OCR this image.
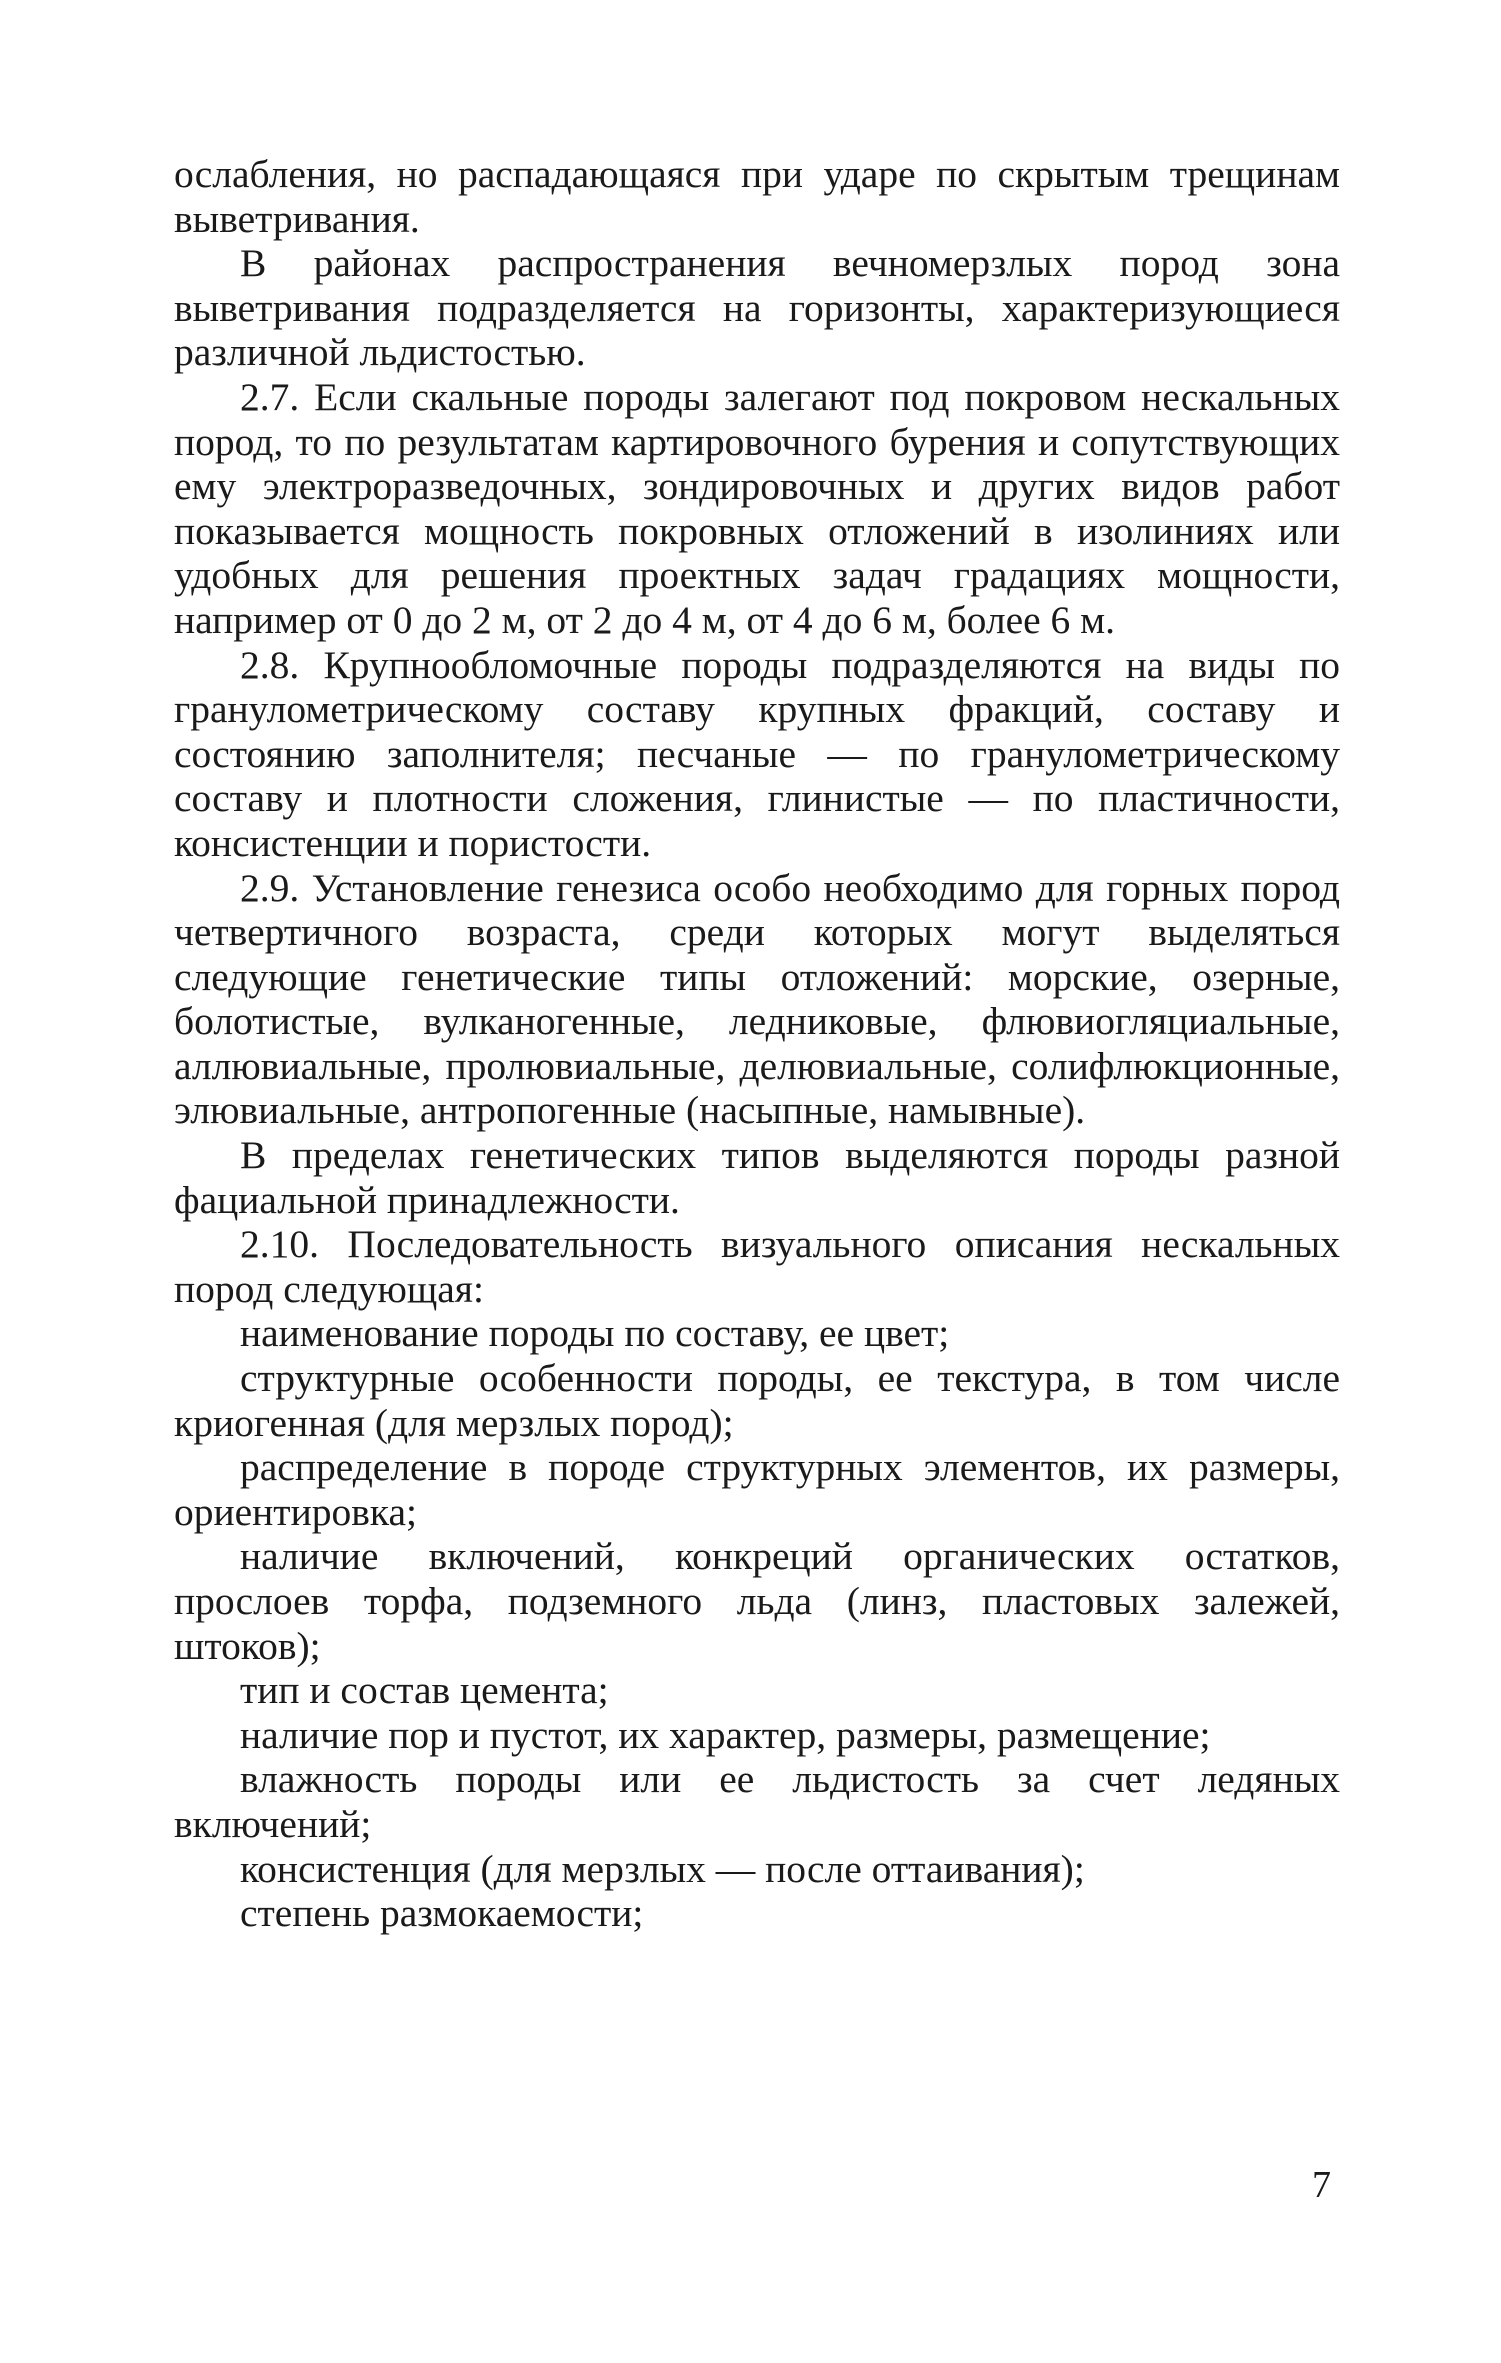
ослабления, но распадающаяся при ударе по скрытым трещинам выветривания.

В районах распространения вечномерзлых пород зона выветривания подразделяется на горизонты, характеризующиеся различной льдистостью.

2.7. Если скальные породы залегают под покровом нескальных пород, то по результатам картировочного бурения и сопутствующих ему электроразведочных, зондировочных и других видов работ показывается мощность покровных отложений в изолиниях или удобных для решения проектных задач градациях мощности, например от 0 до 2 м, от 2 до 4 м, от 4 до 6 м, более 6 м.

2.8. Крупнообломочные породы подразделяются на виды по гранулометрическому составу крупных фракций, составу и состоянию заполнителя; песчаные — по гранулометрическому составу и плотности сложения, глинистые — по пластичности, консистенции и пористости.

2.9. Установление генезиса особо необходимо для горных пород четвертичного возраста, среди которых могут выделяться следующие генетические типы отложений: морские, озерные, болотистые, вулканогенные, ледниковые, флювиогляциальные, аллювиальные, пролювиальные, делювиальные, солифлюкционные, элювиальные, антропогенные (насыпные, намывные).

В пределах генетических типов выделяются породы разной фациальной принадлежности.

2.10. Последовательность визуального описания нескальных пород следующая:

наименование породы по составу, ее цвет;

структурные особенности породы, ее текстура, в том числе криогенная (для мерзлых пород);

распределение в породе структурных элементов, их размеры, ориентировка;

наличие включений, конкреций органических остатков, прослоев торфа, подземного льда (линз, пластовых залежей, штоков);

тип и состав цемента;

наличие пор и пустот, их характер, размеры, размещение;

влажность породы или ее льдистость за счет ледяных включений;

консистенция (для мерзлых — после оттаивания);

степень размокаемости;

7
